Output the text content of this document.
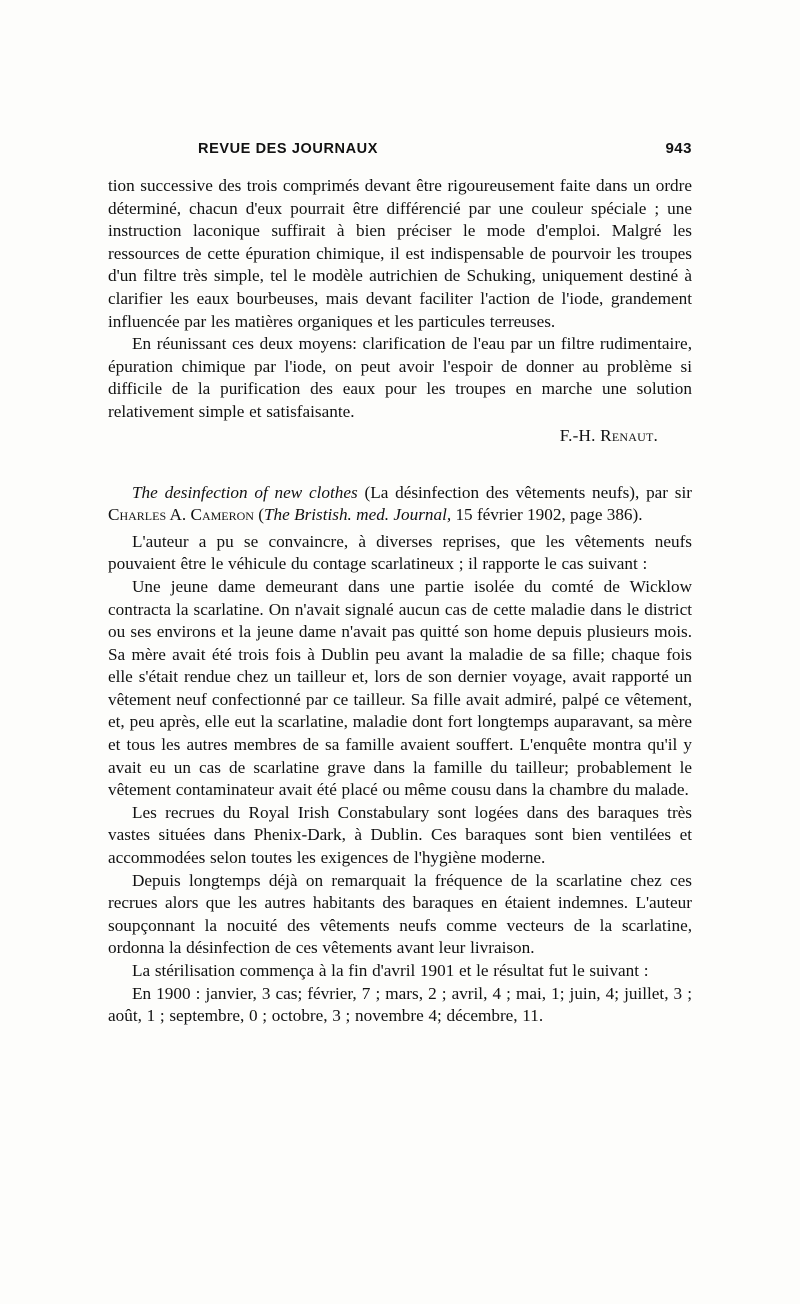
REVUE DES JOURNAUX	943

tion successive des trois comprimés devant être rigoureusement faite dans un ordre déterminé, chacun d'eux pourrait être différencié par une couleur spéciale ; une instruction laconique suffirait à bien préciser le mode d'emploi. Malgré les ressources de cette épuration chimique, il est indispensable de pourvoir les troupes d'un filtre très simple, tel le modèle autrichien de Schuking, uniquement destiné à clarifier les eaux bourbeuses, mais devant faciliter l'action de l'iode, grandement influencée par les matières organiques et les particules terreuses.

En réunissant ces deux moyens: clarification de l'eau par un filtre rudimentaire, épuration chimique par l'iode, on peut avoir l'espoir de donner au problème si difficile de la purification des eaux pour les troupes en marche une solution relativement simple et satisfaisante.

F.-H. Renaut.

The desinfection of new clothes (La désinfection des vêtements neufs), par sir Charles A. Cameron (The Bristish. med. Journal, 15 février 1902, page 386).

L'auteur a pu se convaincre, à diverses reprises, que les vêtements neufs pouvaient être le véhicule du contage scarlatineux ; il rapporte le cas suivant :

Une jeune dame demeurant dans une partie isolée du comté de Wicklow contracta la scarlatine. On n'avait signalé aucun cas de cette maladie dans le district ou ses environs et la jeune dame n'avait pas quitté son home depuis plusieurs mois. Sa mère avait été trois fois à Dublin peu avant la maladie de sa fille; chaque fois elle s'était rendue chez un tailleur et, lors de son dernier voyage, avait rapporté un vêtement neuf confectionné par ce tailleur. Sa fille avait admiré, palpé ce vêtement, et, peu après, elle eut la scarlatine, maladie dont fort longtemps auparavant, sa mère et tous les autres membres de sa famille avaient souffert. L'enquête montra qu'il y avait eu un cas de scarlatine grave dans la famille du tailleur; probablement le vêtement contaminateur avait été placé ou même cousu dans la chambre du malade.

Les recrues du Royal Irish Constabulary sont logées dans des baraques très vastes situées dans Phenix-Dark, à Dublin. Ces baraques sont bien ventilées et accommodées selon toutes les exigences de l'hygiène moderne.

Depuis longtemps déjà on remarquait la fréquence de la scarlatine chez ces recrues alors que les autres habitants des baraques en étaient indemnes. L'auteur soupçonnant la nocuité des vêtements neufs comme vecteurs de la scarlatine, ordonna la désinfection de ces vêtements avant leur livraison.

La stérilisation commença à la fin d'avril 1901 et le résultat fut le suivant :

En 1900 : janvier, 3 cas; février, 7 ; mars, 2 ; avril, 4 ; mai, 1; juin, 4; juillet, 3 ; août, 1 ; septembre, 0 ; octobre, 3 ; novembre 4; décembre, 11.
